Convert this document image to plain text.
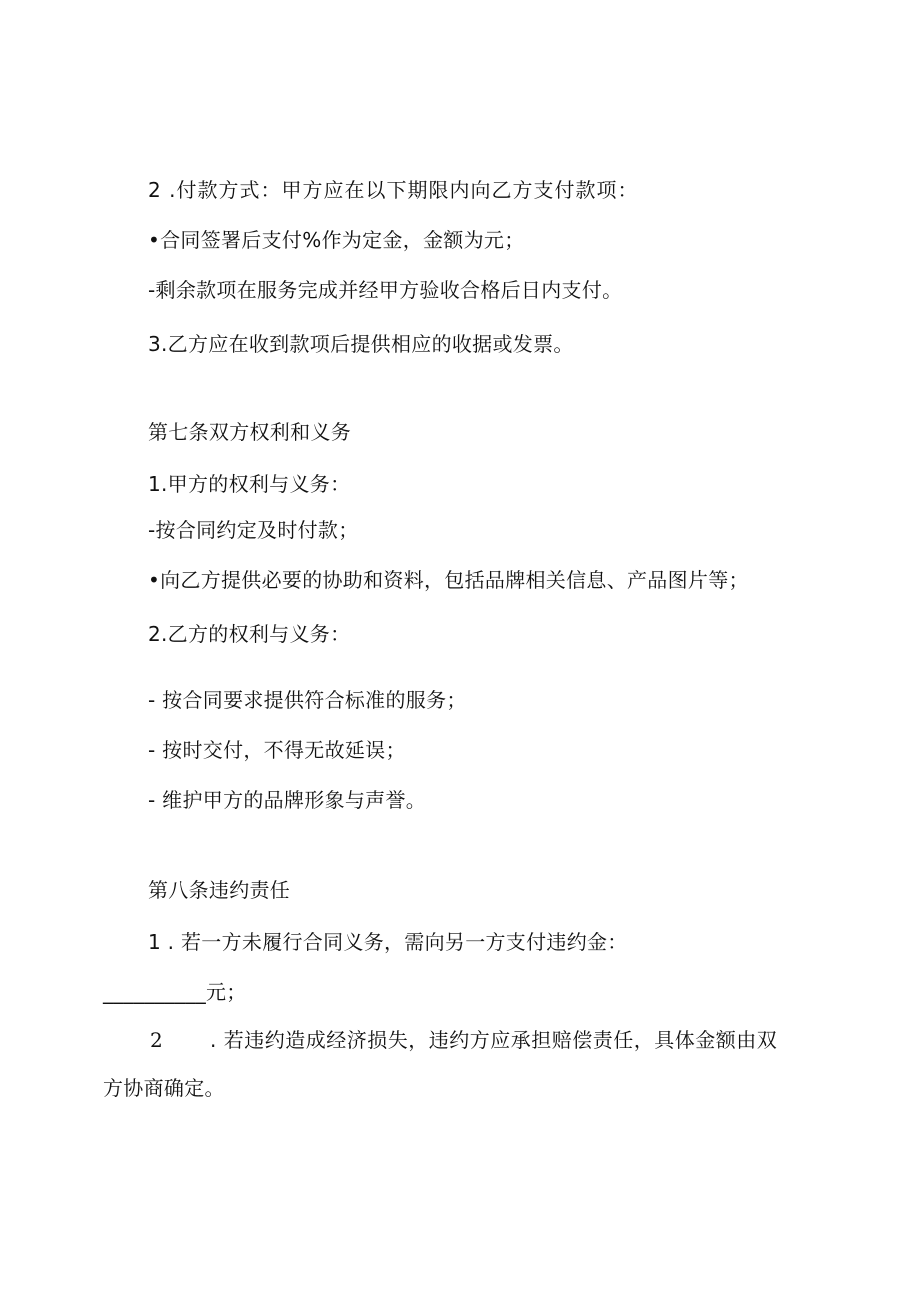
2 .付款方式：甲方应在以下期限内向乙方支付款项：
•合同签署后支付%作为定金，金额为元；
-剩余款项在服务完成并经甲方验收合格后日内支付。
3.乙方应在收到款项后提供相应的收据或发票。
第七条双方权利和义务
1.甲方的权利与义务：
-按合同约定及时付款；
•向乙方提供必要的协助和资料，包括品牌相关信息、产品图片等；
2.乙方的权利与义务：
- 按合同要求提供符合标准的服务；
- 按时交付，不得无故延误；
- 维护甲方的品牌形象与声誉。
第八条违约责任
1 . 若一方未履行合同义务，需向另一方支付违约金：
__________元；
2 . 若违约造成经济损失，违约方应承担赔偿责任，具体金额由双
方协商确定。
